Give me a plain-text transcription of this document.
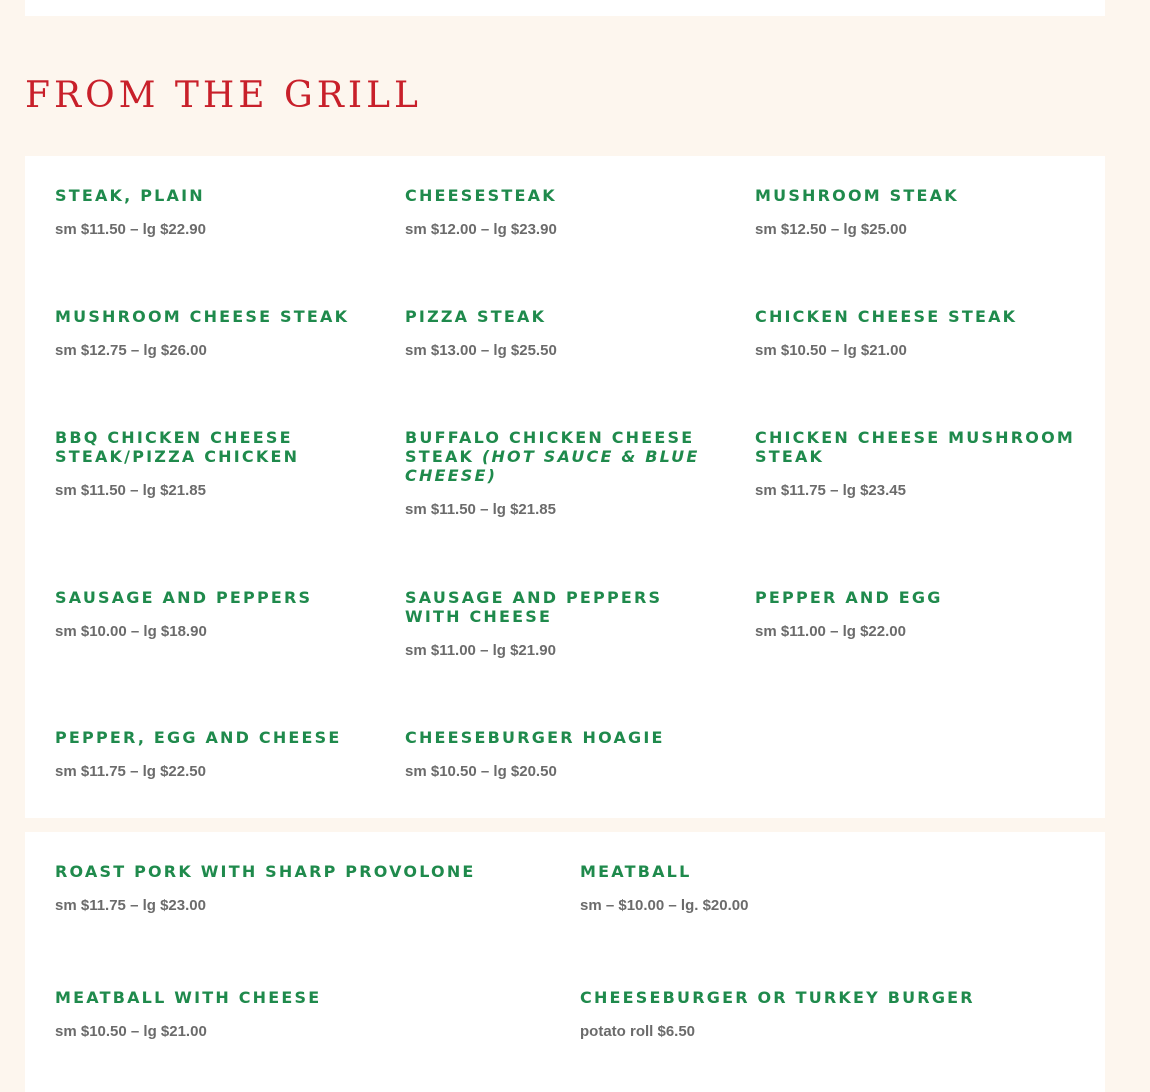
FROM THE GRILL
STEAK, PLAIN
sm $11.50 – lg $22.90
CHEESESTEAK
sm $12.00 – lg $23.90
MUSHROOM STEAK
sm $12.50 – lg $25.00
MUSHROOM CHEESE STEAK
sm $12.75 – lg $26.00
PIZZA STEAK
sm $13.00 – lg $25.50
CHICKEN CHEESE STEAK
sm $10.50 – lg $21.00
BBQ CHICKEN CHEESE STEAK/PIZZA CHICKEN
sm $11.50 – lg $21.85
BUFFALO CHICKEN CHEESE STEAK (HOT SAUCE & BLUE CHEESE)
sm $11.50 – lg $21.85
CHICKEN CHEESE MUSHROOM STEAK
sm $11.75 – lg $23.45
SAUSAGE AND PEPPERS
sm $10.00 – lg $18.90
SAUSAGE AND PEPPERS WITH CHEESE
sm $11.00 – lg $21.90
PEPPER AND EGG
sm $11.00 – lg $22.00
PEPPER, EGG AND CHEESE
sm $11.75 – lg $22.50
CHEESEBURGER HOAGIE
sm $10.50 – lg $20.50
ROAST PORK WITH SHARP PROVOLONE
sm $11.75 – lg $23.00
MEATBALL
sm – $10.00 – lg. $20.00
MEATBALL WITH CHEESE
sm $10.50 – lg $21.00
CHEESEBURGER OR TURKEY BURGER
potato roll $6.50
